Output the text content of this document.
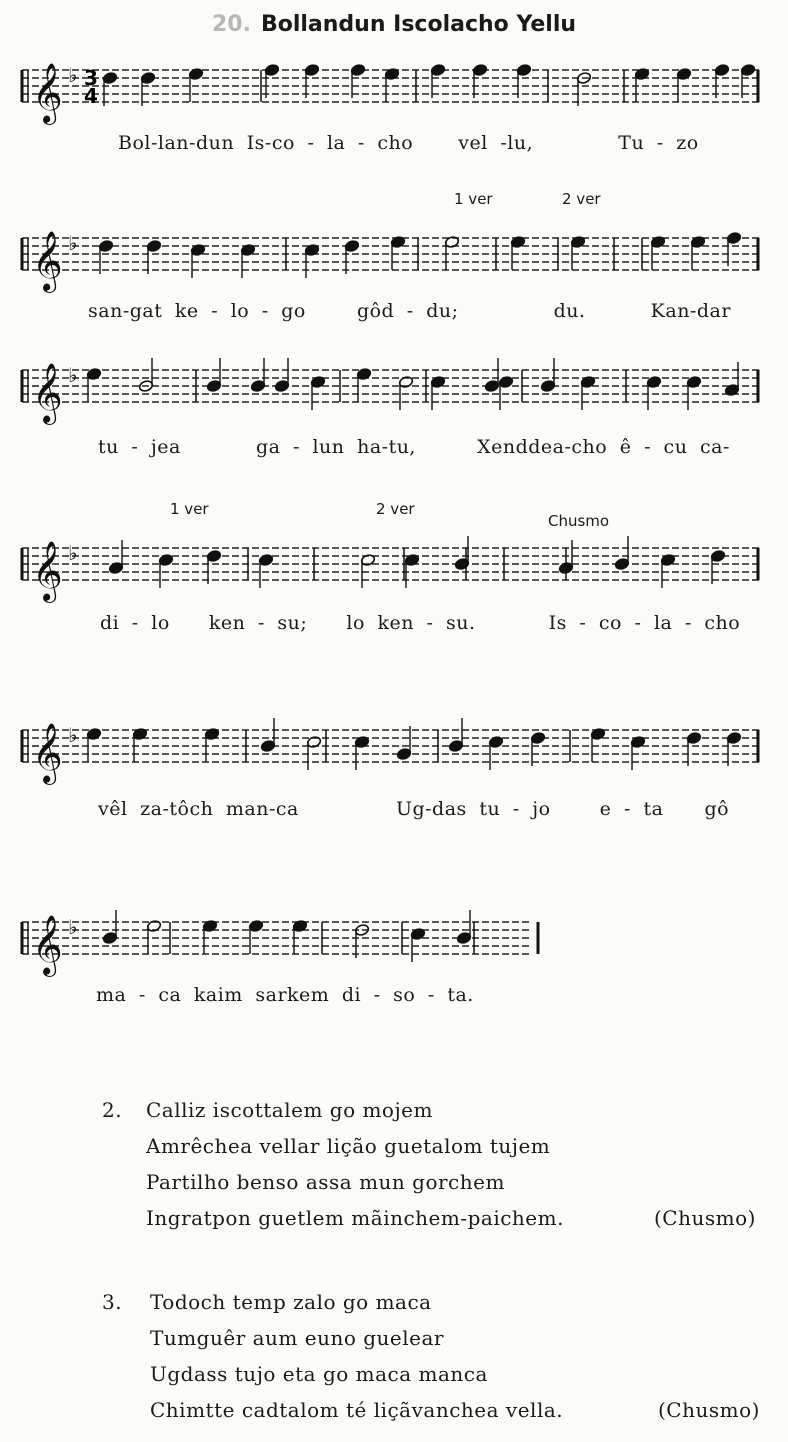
20. Bollandun Iscolacho Yellu
𝄞 ♭ 3
4
Bol-lan-dun Is-co - la - cho vel -lu,	Tu - zo
1 ver	2 ver
𝄞 ♭
san-gat ke - lo - go	gôd - du;	du.	Kan-dar
𝄞 ♭
tu - jea	ga - lun ha-tu,	Xenddea-cho ê - cu ca-
1 ver	2 ver
Chusmo
𝄞 ♭
di - lo ken - su; lo ken - su.	Is - co - la - cho
𝄞 ♭
vêl za-tôch man-ca	Ug-das tu - jo	e - ta gô
𝄞 ♭
ma - ca kaim sarkem di - so - ta.
2. Calliz iscottalem go mojem
Amrêchea vellar lição guetalom tujem
Partilho benso assa mun gorchem
Ingratpon guetlem mãinchem-paichem.	(Chusmo)
3. Todoch temp zalo go maca
Tumguêr aum euno guelear
Ugdass tujo eta go maca manca
Chimtte cadtalom té liçãvanchea vella.	(Chusmo)
